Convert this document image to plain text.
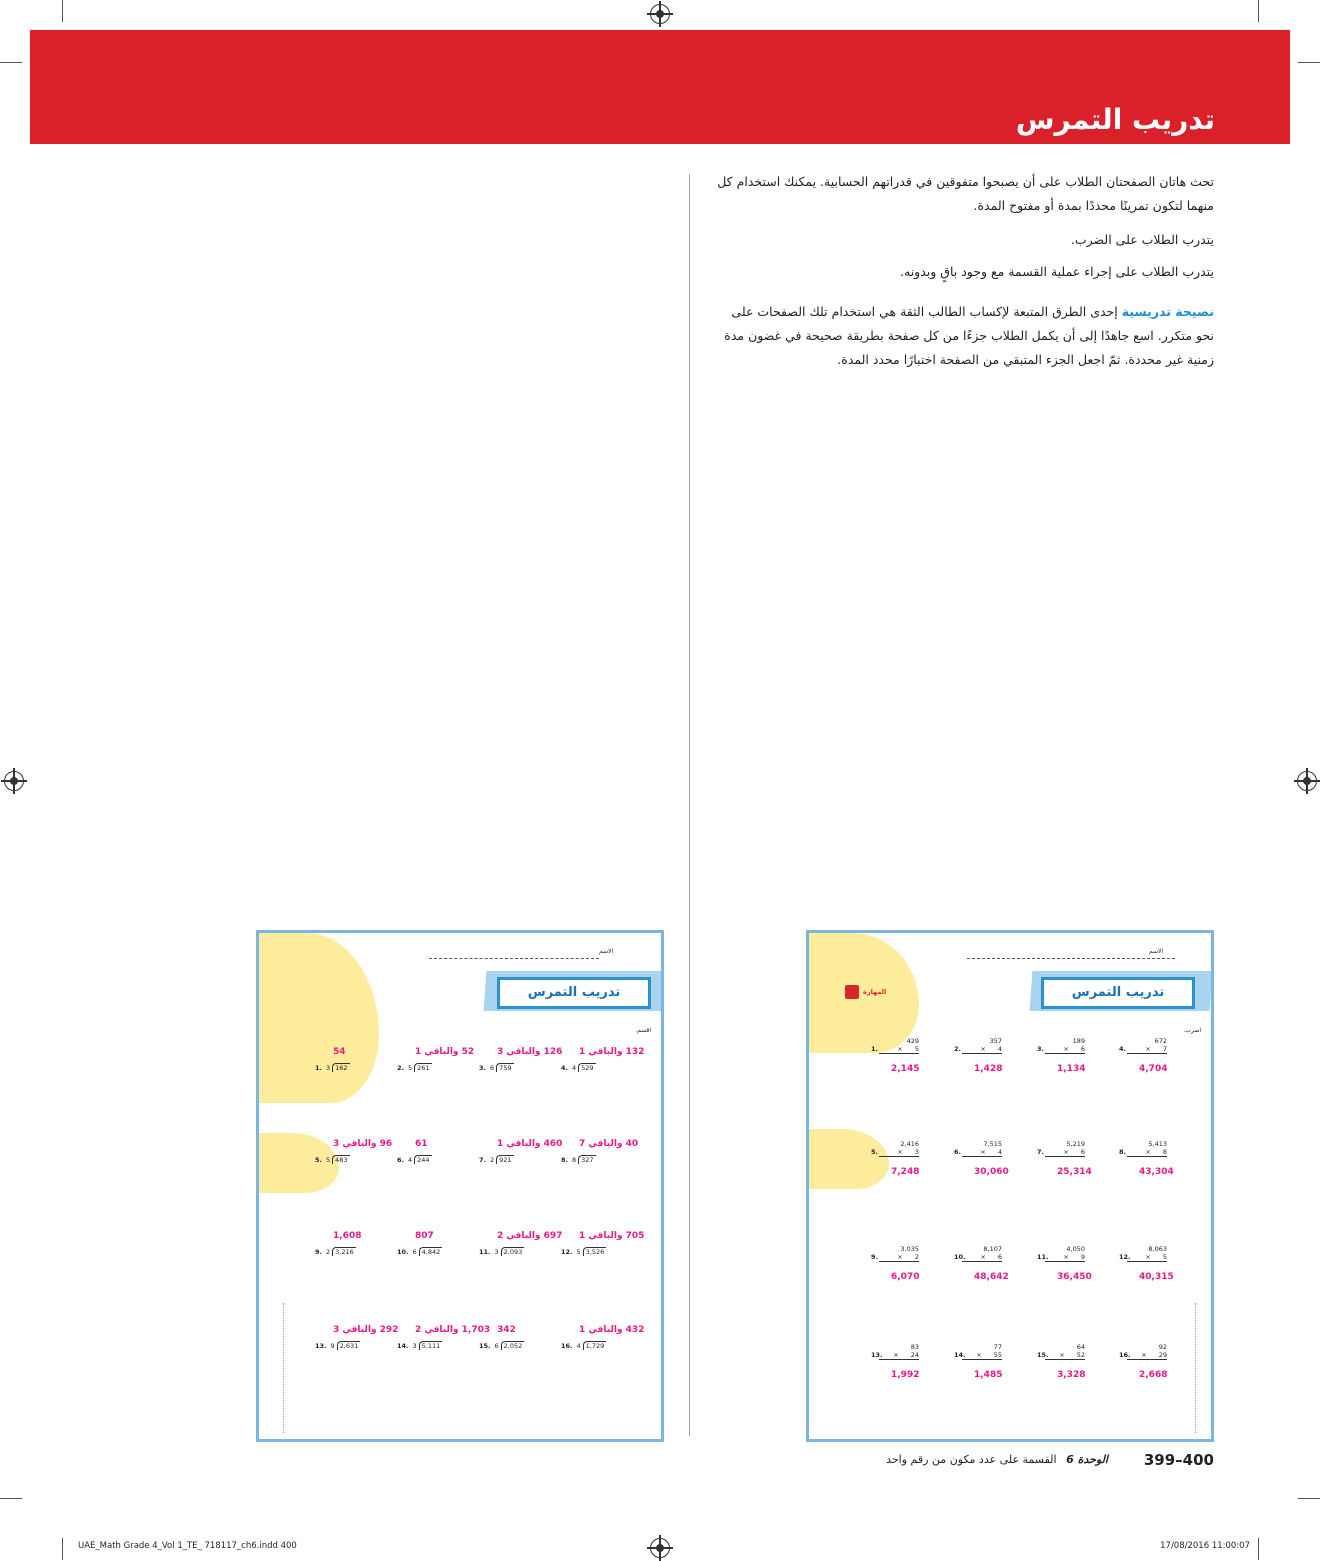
تدريب التمرس
تحث هاتان الصفحتان الطلاب على أن يصبحوا متفوقين في قدراتهم الحسابية. يمكنك استخدام كل منهما لتكون تمرينًا محددًا بمدة أو مفتوح المدة.
يتدرب الطلاب على الضرب.
يتدرب الطلاب على إجراء عملية القسمة مع وجود باقٍ وبدونه.
نصيحة تدريسية إحدى الطرق المتبعة لإكساب الطالب الثقة هي استخدام تلك الصفحات على نحو متكرر. اسع جاهدًا إلى أن يكمل الطلاب جزءًا من كل صفحة بطريقة صحيحة في غضون مدة زمنية غير محددة. ثمّ اجعل الجزء المتبقي من الصفحة اختبارًا محدد المدة.
الاسم
المهارة	تدريب التمرس
اضرب.
1.
429
× 5
2,145
2.
357
× 4
1,428
3.
189
× 6
1,134
4.
672
× 7
4,704
5.
2,416
× 3
7,248
6.
7,515
× 4
30,060
7.
5,219
× 6
25,314
8.
5,413
× 8
43,304
9.
3,035
× 2
6,070
10.
8,107
× 6
48,642
11.
4,050
× 9
36,450
12.
8,063
× 5
40,315
13.
83
× 24
1,992
14.
77
× 55
1,485
15.
64
× 52
3,328
16.
92
× 29
2,668
الاسم
تدريب التمرس
اقسم.
54
1. 3 162
52 والباقي 1
2. 5 261
126 والباقي 3
3. 6 759
132 والباقي 1
4. 4 529
96 والباقي 3
5. 5 483
61
6. 4 244
460 والباقي 1
7. 2 921
40 والباقي 7
8. 8 327
1,608
9. 2 3,216
807
10. 6 4,842
697 والباقي 2
11. 3 2,093
705 والباقي 1
12. 5 3,526
292 والباقي 3
13. 9 2,631
1,703 والباقي 2
14. 3 5,111
342
15. 6 2,052
432 والباقي 1
16. 4 1,729
399–400
الوحدة 6 القسمة على عدد مكون من رقم واحد
UAE_Math Grade 4_Vol 1_TE_ 718117_ch6.indd 400	17/08/2016 11:00:07
